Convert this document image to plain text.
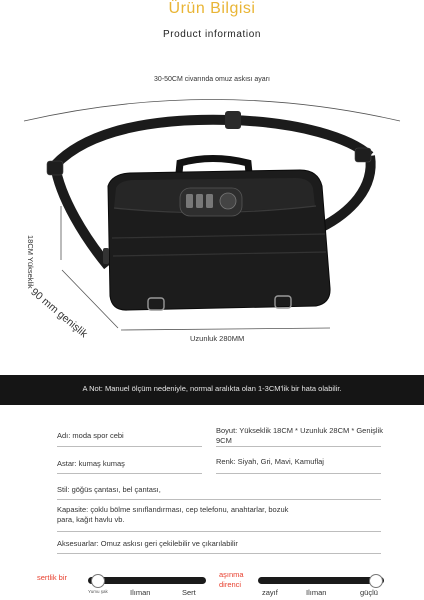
Ürün Bilgisi
Product information
30-50CM civarında omuz askısı ayarı
18CM Yükseklik
90 mm genişlik	Uzunluk 280MM
A Not: Manuel ölçüm nedeniyle, normal aralıkta olan 1-3CM'lik bir hata olabilir.
Adı: moda spor cebi
Boyut: Yükseklik 18CM * Uzunluk 28CM * Genişlik 9CM
Astar: kumaş kumaş	Renk: Siyah, Gri, Mavi, Kamuflaj
Stil: göğüs çantası, bel çantası,
Kapasite: çoklu bölme sınıflandırması, cep telefonu, anahtarlar, bozuk para, kağıt havlu vb.
Aksesuarlar: Omuz askısı geri çekilebilir ve çıkarılabilir
sertlik bir
Yumu şak	Ilıman	Sert
aşınma direnci
zayıf	Ilıman	güçlü
